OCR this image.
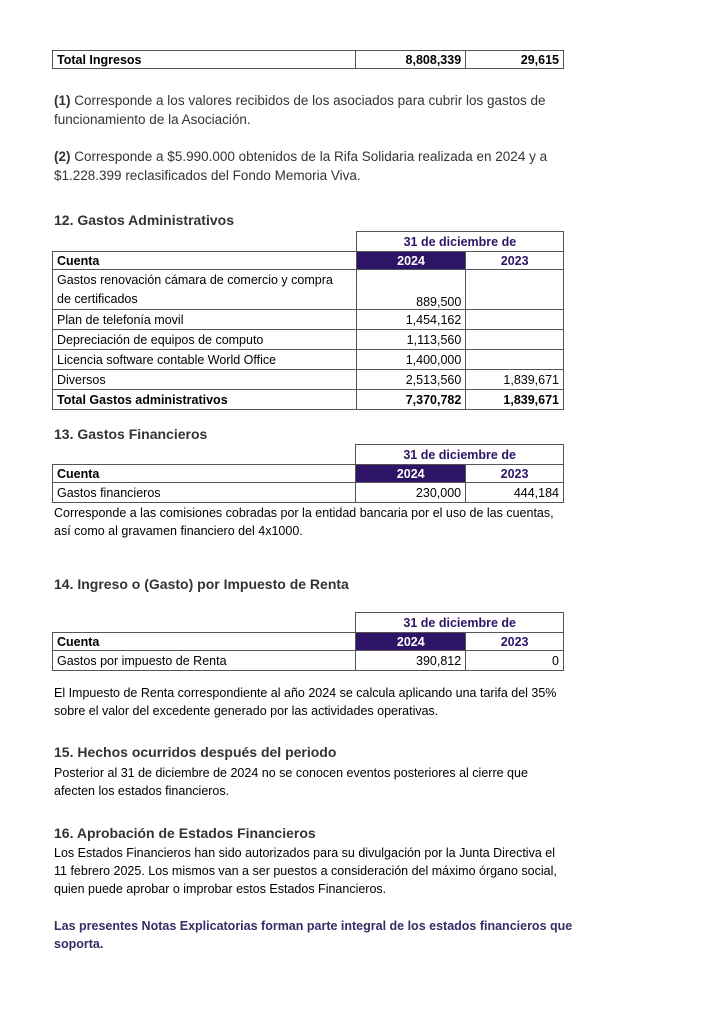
Total Ingresos	8,808,339	29,615

(1) Corresponde a los valores recibidos de los asociados para cubrir los gastos de funcionamiento de la Asociación.

(2) Corresponde a $5.990.000 obtenidos de la Rifa Solidaria realizada en 2024 y a $1.228.399 reclasificados del Fondo Memoria Viva.

12. Gastos Administrativos
	31 de diciembre de	
Cuenta	2024	2023

Gastos renovación cámara de comercio y compra
de certificados	889,500	
Plan de telefonía movil	1,454,162	
Depreciación de equipos de computo	1,113,560	
Licencia software contable World Office	1,400,000	
Diversos	2,513,560	1,839,671
Total Gastos administrativos	7,370,782	1,839,671
13. Gastos Financieros
	31 de diciembre de	
Cuenta	2024	2023
Gastos financieros	230,000	444,184

Corresponde a las comisiones cobradas por la entidad bancaria por el uso de las cuentas, así como al gravamen financiero del 4x1000.

14. Ingreso o (Gasto) por Impuesto de Renta
	31 de diciembre de	
Cuenta	2024	2023
Gastos por impuesto de Renta	390,812	0

El Impuesto de Renta correspondiente al año 2024 se calcula aplicando una tarifa del 35% sobre el valor del excedente generado por las actividades operativas.

15. Hechos ocurridos después del periodo

Posterior al 31 de diciembre de 2024 no se conocen eventos posteriores al cierre que afecten los estados financieros.

16. Aprobación de Estados Financieros

Los Estados Financieros han sido autorizados para su divulgación por la Junta Directiva el 11 febrero 2025. Los mismos van a ser puestos a consideración del máximo órgano social, quien puede aprobar o improbar estos Estados Financieros.

Las presentes Notas Explicatorias forman parte integral de los estados financieros que soporta.
